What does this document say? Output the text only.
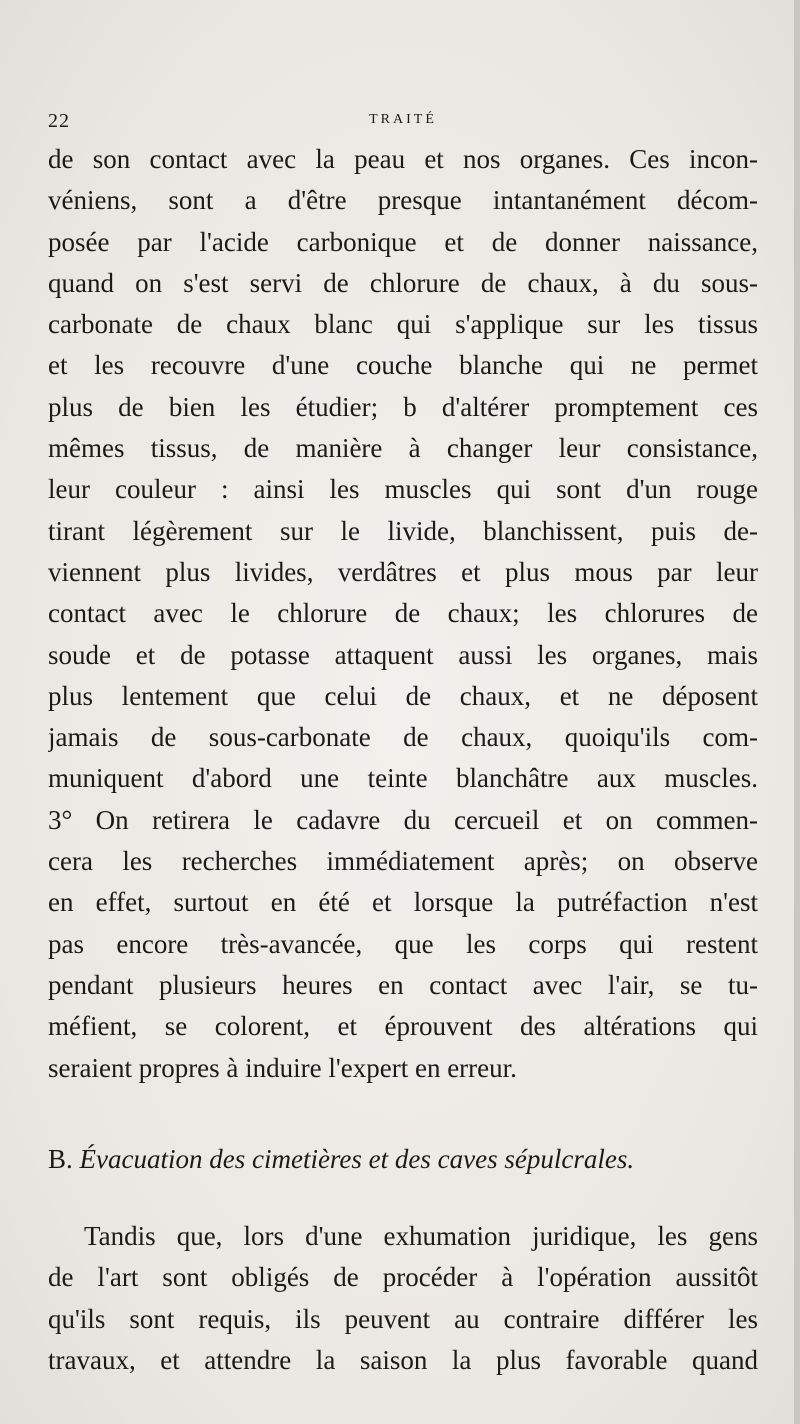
22	TRAITÉ
de son contact avec la peau et nos organes. Ces incon-
véniens, sont a d'être presque intantanément décom-
posée par l'acide carbonique et de donner naissance,
quand on s'est servi de chlorure de chaux, à du sous-
carbonate de chaux blanc qui s'applique sur les tissus
et les recouvre d'une couche blanche qui ne permet
plus de bien les étudier; b d'altérer promptement ces
mêmes tissus, de manière à changer leur consistance,
leur couleur : ainsi les muscles qui sont d'un rouge
tirant légèrement sur le livide, blanchissent, puis de-
viennent plus livides, verdâtres et plus mous par leur
contact avec le chlorure de chaux; les chlorures de
soude et de potasse attaquent aussi les organes, mais
plus lentement que celui de chaux, et ne déposent
jamais de sous-carbonate de chaux, quoiqu'ils com-
muniquent d'abord une teinte blanchâtre aux muscles.
3° On retirera le cadavre du cercueil et on commen-
cera les recherches immédiatement après; on observe
en effet, surtout en été et lorsque la putréfaction n'est
pas encore très-avancée, que les corps qui restent
pendant plusieurs heures en contact avec l'air, se tu-
méfient, se colorent, et éprouvent des altérations qui
seraient propres à induire l'expert en erreur.
B. Évacuation des cimetières et des caves sépulcrales.
Tandis que, lors d'une exhumation juridique, les gens
de l'art sont obligés de procéder à l'opération aussitôt
qu'ils sont requis, ils peuvent au contraire différer les
travaux, et attendre la saison la plus favorable quand
